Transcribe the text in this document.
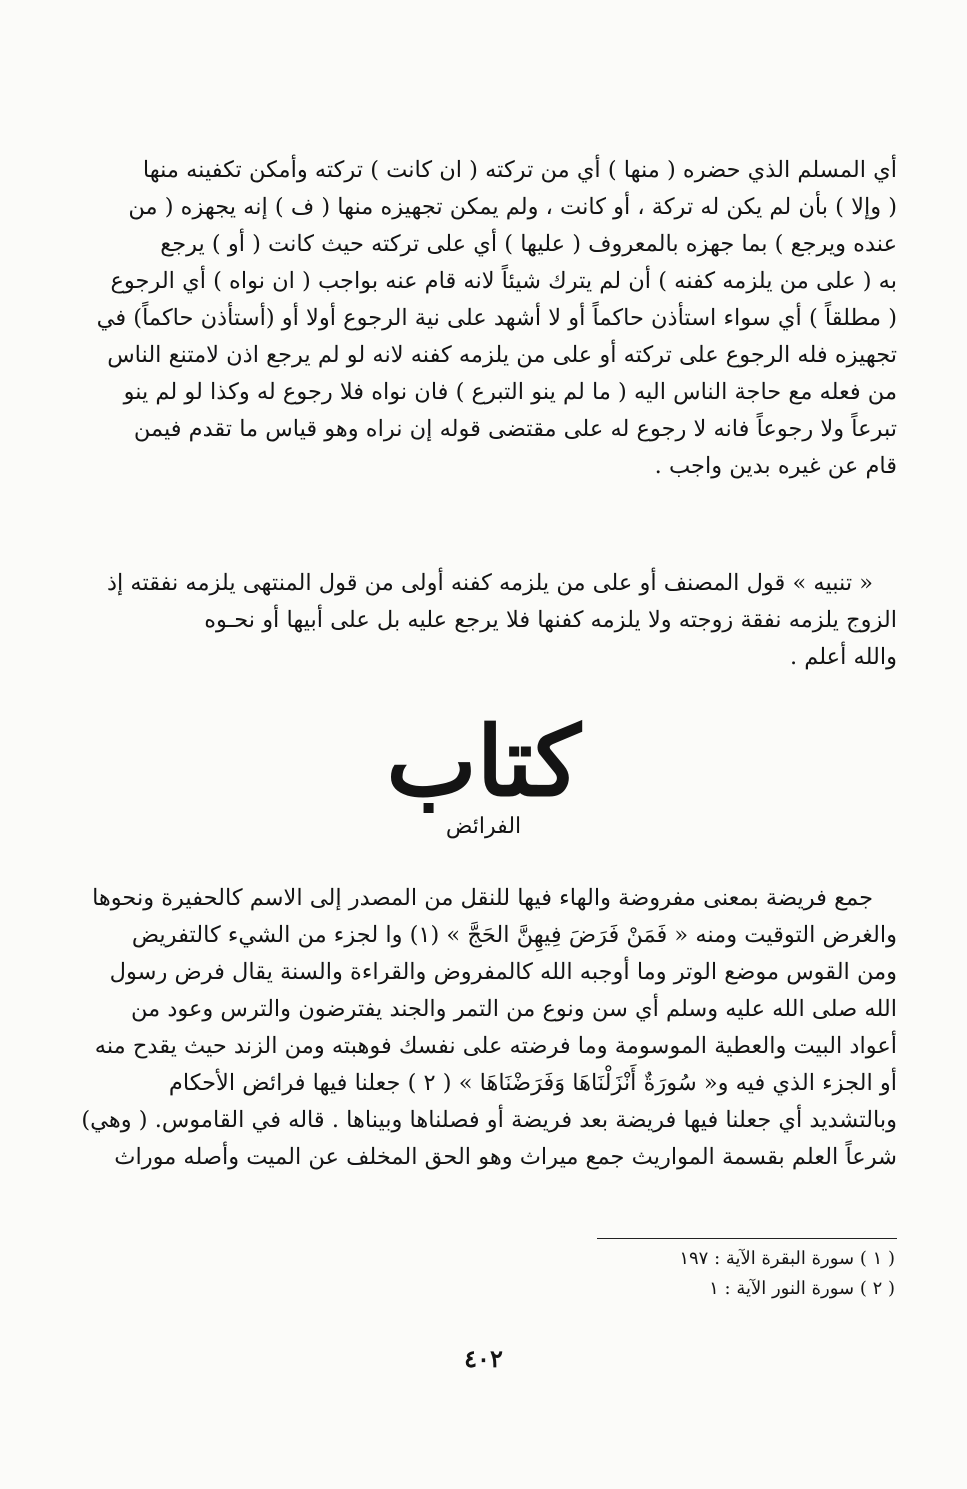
أي المسلم الذي حضره ( منها ) أي من تركته ( ان كانت ) تركته وأمكن تكفينه منها

( وإلا ) بأن لم يكن له تركة ، أو كانت ، ولم يمكن تجهيزه منها ( ف ) إنه يجهزه ( من

عنده ويرجع ) بما جهزه بالمعروف ( عليها ) أي على تركته حيث كانت ( أو ) يرجع

به ( على من يلزمه كفنه ) أن لم يترك شيئاً لانه قام عنه بواجب ( ان نواه ) أي الرجوع

( مطلقاً ) أي سواء استأذن حاكماً أو لا أشهد على نية الرجوع أولا أو (أستأذن حاكماً) في

تجهيزه فله الرجوع على تركته أو على من يلزمه كفنه لانه لو لم يرجع اذن لامتنع الناس

من فعله مع حاجة الناس اليه ( ما لم ينو التبرع ) فان نواه فلا رجوع له وكذا لو لم ينو

تبرعاً ولا رجوعاً فانه لا رجوع له على مقتضى قوله إن نراه وهو قياس ما تقدم فيمن

قام عن غيره بدين واجب .

« تنبيه » قول المصنف أو على من يلزمه كفنه أولى من قول المنتهى يلزمه نفقته إذ

الزوج يلزمه نفقة زوجته ولا يلزمه كفنها فلا يرجع عليه بل على أبيها أو نحـوه

والله أعلم .

كتاب
الفرائض

جمع فريضة بمعنى مفروضة والهاء فيها للنقل من المصدر إلى الاسم كالحفيرة ونحوها

والغرض التوقيت ومنه « فَمَنْ فَرَضَ فِيهِنَّ الحَجَّ » (١) وا لجزء من الشيء كالتفريض

ومن القوس موضع الوتر وما أوجبه الله كالمفروض والقراءة والسنة يقال فرض رسول

الله صلى الله عليه وسلم أي سن ونوع من التمر والجند يفترضون والترس وعود من

أعواد البيت والعطية الموسومة وما فرضته على نفسك فوهبته ومن الزند حيث يقدح منه

أو الجزء الذي فيه و« سُورَةٌ أَنْزَلْنَاهَا وَفَرَضْنَاهَا » ( ٢ ) جعلنا فيها فرائض الأحكام

وبالتشديد أي جعلنا فيها فريضة بعد فريضة أو فصلناها وبيناها . قاله في القاموس. ( وهي)

شرعاً العلم بقسمة المواريث جمع ميراث وهو الحق المخلف عن الميت وأصله موراث

( ١ ) سورة البقرة الآية : ١٩٧
( ٢ ) سورة النور الآية : ١
٤٠٢
